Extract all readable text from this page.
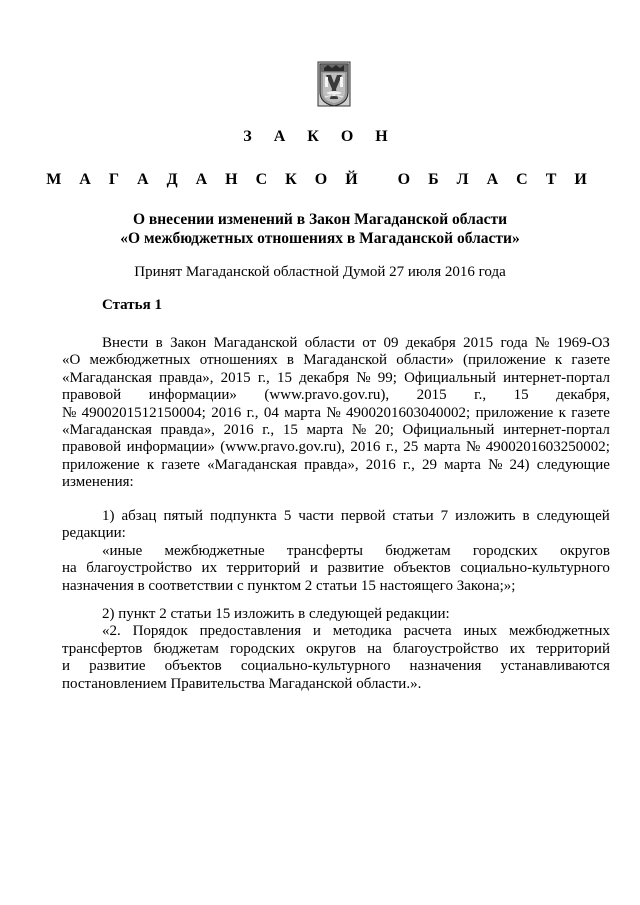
З А К О Н
М А Г А Д А Н С К О Й   О Б Л А С Т И
О внесении изменений в Закон Магаданской области
«О межбюджетных отношениях в Магаданской области»
Принят Магаданской областной Думой 27 июля 2016 года
Статья 1
Внести в Закон Магаданской области от 09 декабря 2015 года № 1969-ОЗ
«О межбюджетных отношениях в Магаданской области» (приложение к газете
«Магаданская правда», 2015 г., 15 декабря № 99; Официальный интернет-портал
правовой информации» (www.pravo.gov.ru), 2015 г., 15 декабря,
№ 4900201512150004; 2016 г., 04 марта № 4900201603040002; приложение к газете
«Магаданская правда», 2016 г., 15 марта № 20; Официальный интернет-портал
правовой информации» (www.pravo.gov.ru), 2016 г., 25 марта № 4900201603250002;
приложение к газете «Магаданская правда», 2016 г., 29 марта № 24) следующие
изменения:
1) абзац пятый подпункта 5 части первой статьи 7 изложить в следующей
редакции:
«иные межбюджетные трансферты бюджетам городских округов
на благоустройство их территорий и развитие объектов социально-культурного
назначения в соответствии с пунктом 2 статьи 15 настоящего Закона;»;
2) пункт 2 статьи 15 изложить в следующей редакции:
«2. Порядок предоставления и методика расчета иных межбюджетных
трансфертов бюджетам городских округов на благоустройство их территорий
и развитие объектов социально-культурного назначения устанавливаются
постановлением Правительства Магаданской области.».
